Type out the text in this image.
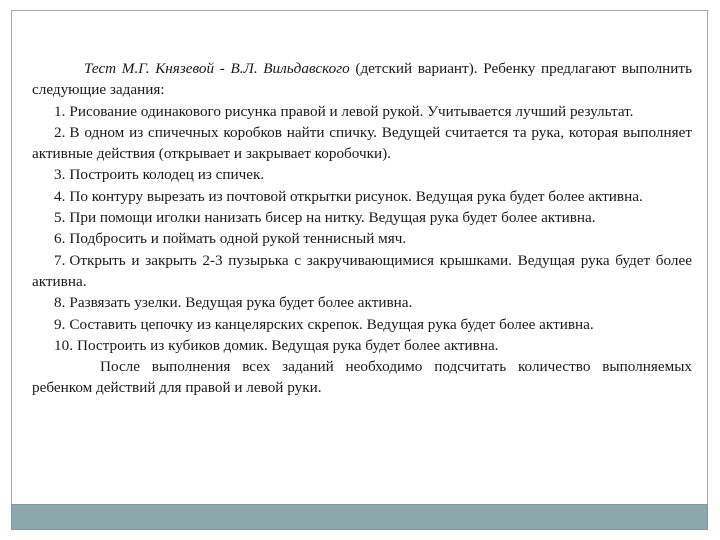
Тест М.Г. Князевой - В.Л. Вильдавского (детский вариант). Ребенку предлагают выполнить следующие задания:

1. Рисование одинакового рисунка правой и левой рукой. Учитывается лучший результат.

2. В одном из спичечных коробков найти спичку. Ведущей считается та рука, которая выполняет активные действия (открывает и закрывает коробочки).

3. Построить колодец из спичек.

4. По контуру вырезать из почтовой открытки рисунок. Ведущая рука будет более активна.

5. При помощи иголки нанизать бисер на нитку. Ведущая рука будет более активна.

6. Подбросить и поймать одной рукой теннисный мяч.

7. Открыть и закрыть 2-3 пузырька с закручивающимися крышками. Ведущая рука будет более активна.

8. Развязать узелки. Ведущая рука будет более активна.

9. Составить цепочку из канцелярских скрепок. Ведущая рука будет более активна.

10. Построить из кубиков домик. Ведущая рука будет более активна.

После выполнения всех заданий необходимо подсчитать количество выполняемых ребенком действий для правой и левой руки.
